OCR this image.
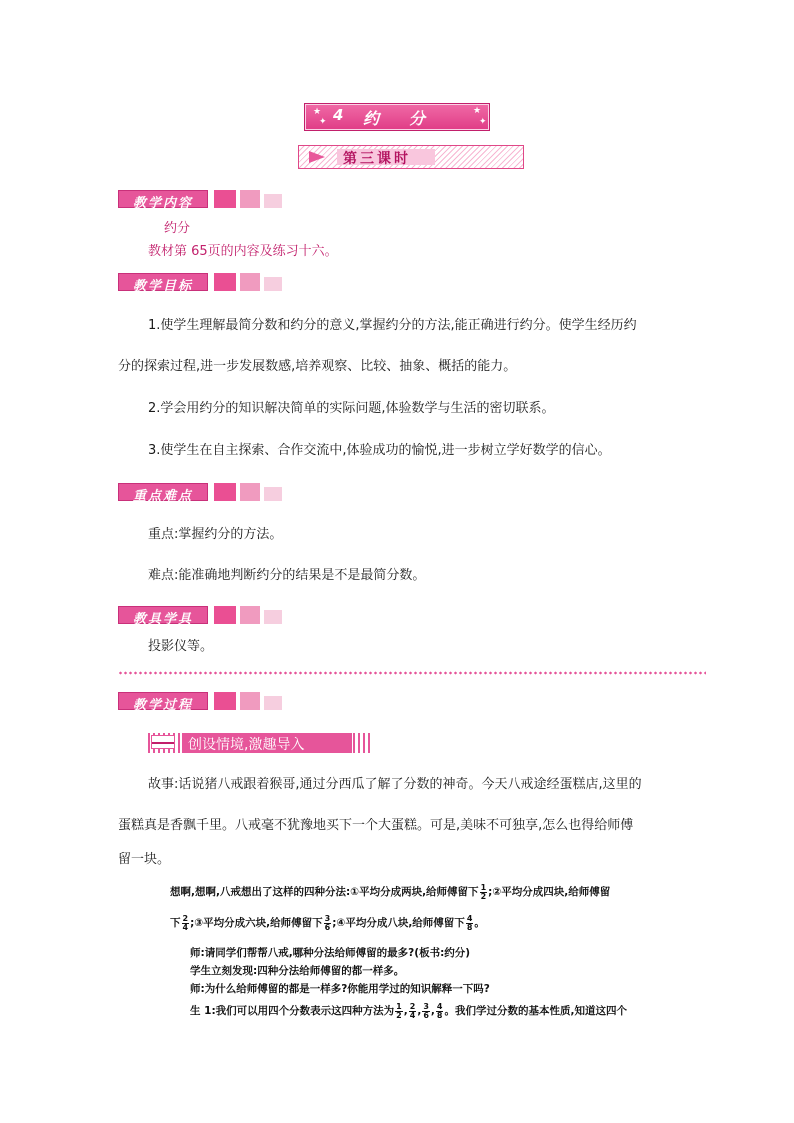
★
✦ 4 约分 ★
✦
第三课时
教学内容
约分
教材第 65页的内容及练习十六。
教学目标
1.使学生理解最简分数和约分的意义,掌握约分的方法,能正确进行约分。使学生经历约
分的探索过程,进一步发展数感,培养观察、比较、抽象、概括的能力。
2.学会用约分的知识解决简单的实际问题,体验数学与生活的密切联系。
3.使学生在自主探索、合作交流中,体验成功的愉悦,进一步树立学好数学的信心。
重点难点
重点:掌握约分的方法。
难点:能准确地判断约分的结果是不是最简分数。
教具学具
投影仪等。
教学过程
创设情境,激趣导入
故事:话说猪八戒跟着猴哥,通过分西瓜了解了分数的神奇。今天八戒途经蛋糕店,这里的
蛋糕真是香飘千里。八戒毫不犹豫地买下一个大蛋糕。可是,美味不可独享,怎么也得给师傅
留一块。
想啊,想啊,八戒想出了这样的四种分法:①平均分成两块,给师傅留下 $\frac{1}{2}$ ;②平均分成四块,给师傅留
下 $\frac{2}{4}$ ;③平均分成六块,给师傅留下 $\frac{3}{6}$ ;④平均分成八块,给师傅留下 $\frac{4}{8}$ 。
师:请同学们帮帮八戒,哪种分法给师傅留的最多?(板书:约分)
学生立刻发现:四种分法给师傅留的都一样多。
师:为什么给师傅留的都是一样多?你能用学过的知识解释一下吗?
生 1:我们可以用四个分数表示这四种方法为 $\frac{1}{2}$ , $\frac{2}{4}$ , $\frac{3}{6}$ , $\frac{4}{8}$ 。我们学过分数的基本性质,知道这四个
